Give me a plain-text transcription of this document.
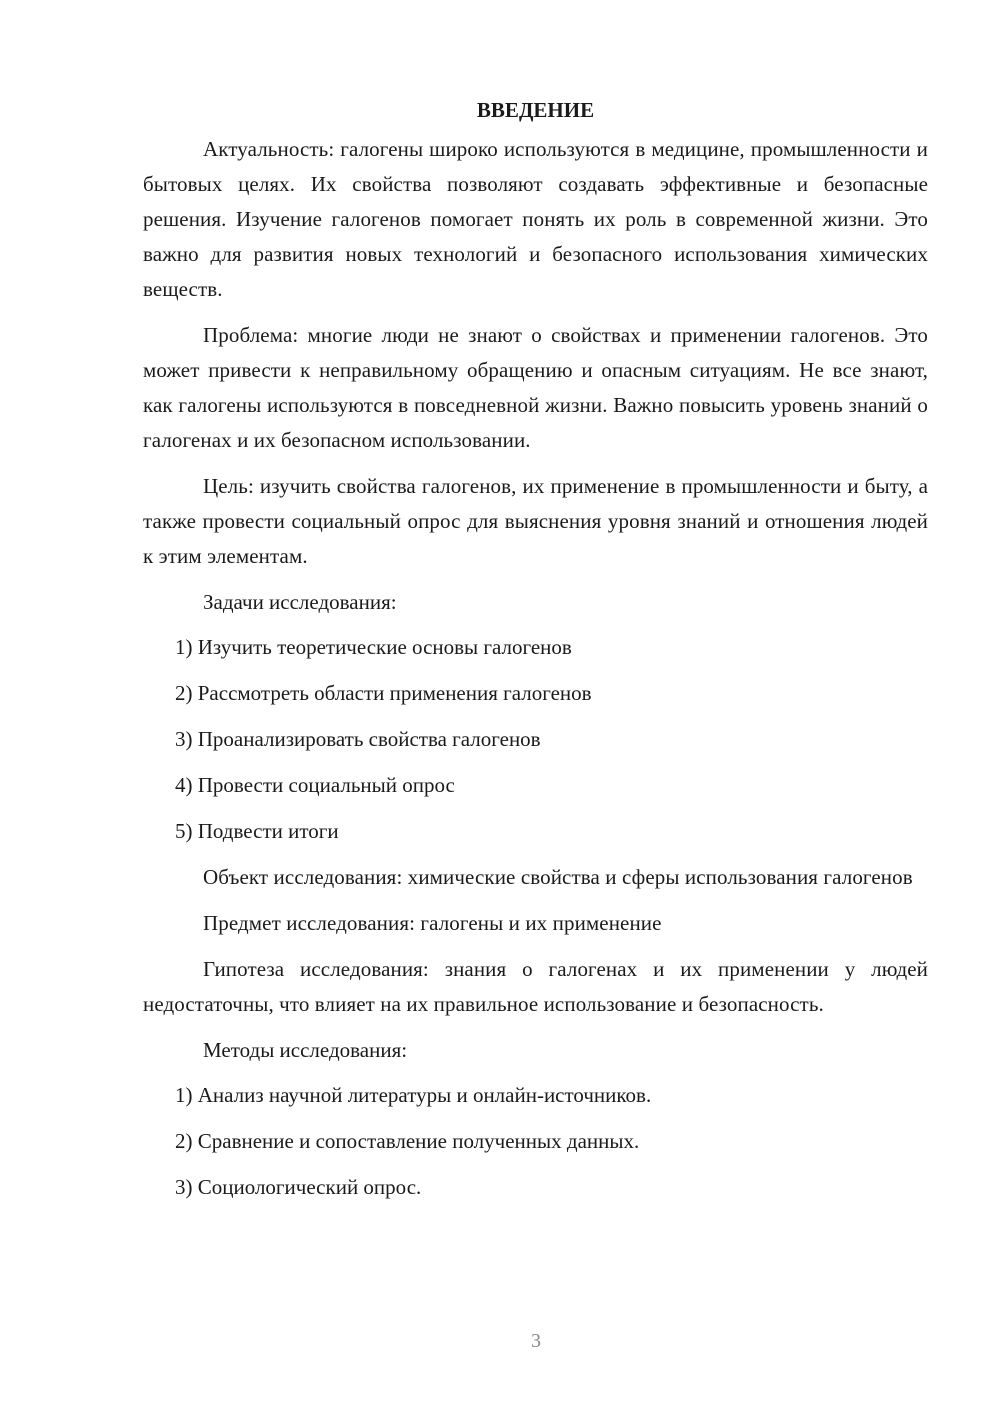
ВВЕДЕНИЕ

Актуальность: галогены широко используются в медицине, промышленности и бытовых целях. Их свойства позволяют создавать эффективные и безопасные решения. Изучение галогенов помогает понять их роль в современной жизни. Это важно для развития новых технологий и безопасного использования химических веществ.

Проблема: многие люди не знают о свойствах и применении галогенов. Это может привести к неправильному обращению и опасным ситуациям. Не все знают, как галогены используются в повседневной жизни. Важно повысить уровень знаний о галогенах и их безопасном использовании.

Цель: изучить свойства галогенов, их применение в промышленности и быту, а также провести социальный опрос для выяснения уровня знаний и отношения людей к этим элементам.

Задачи исследования:
1) Изучить теоретические основы галогенов
2) Рассмотреть области применения галогенов
3) Проанализировать свойства галогенов
4) Провести социальный опрос
5) Подвести итоги

Объект исследования: химические свойства и сферы использования галогенов

Предмет исследования: галогены и их применение

Гипотеза исследования: знания о галогенах и их применении у людей недостаточны, что влияет на их правильное использование и безопасность.

Методы исследования:
1) Анализ научной литературы и онлайн-источников.
2) Сравнение и сопоставление полученных данных.
3) Социологический опрос.
3
